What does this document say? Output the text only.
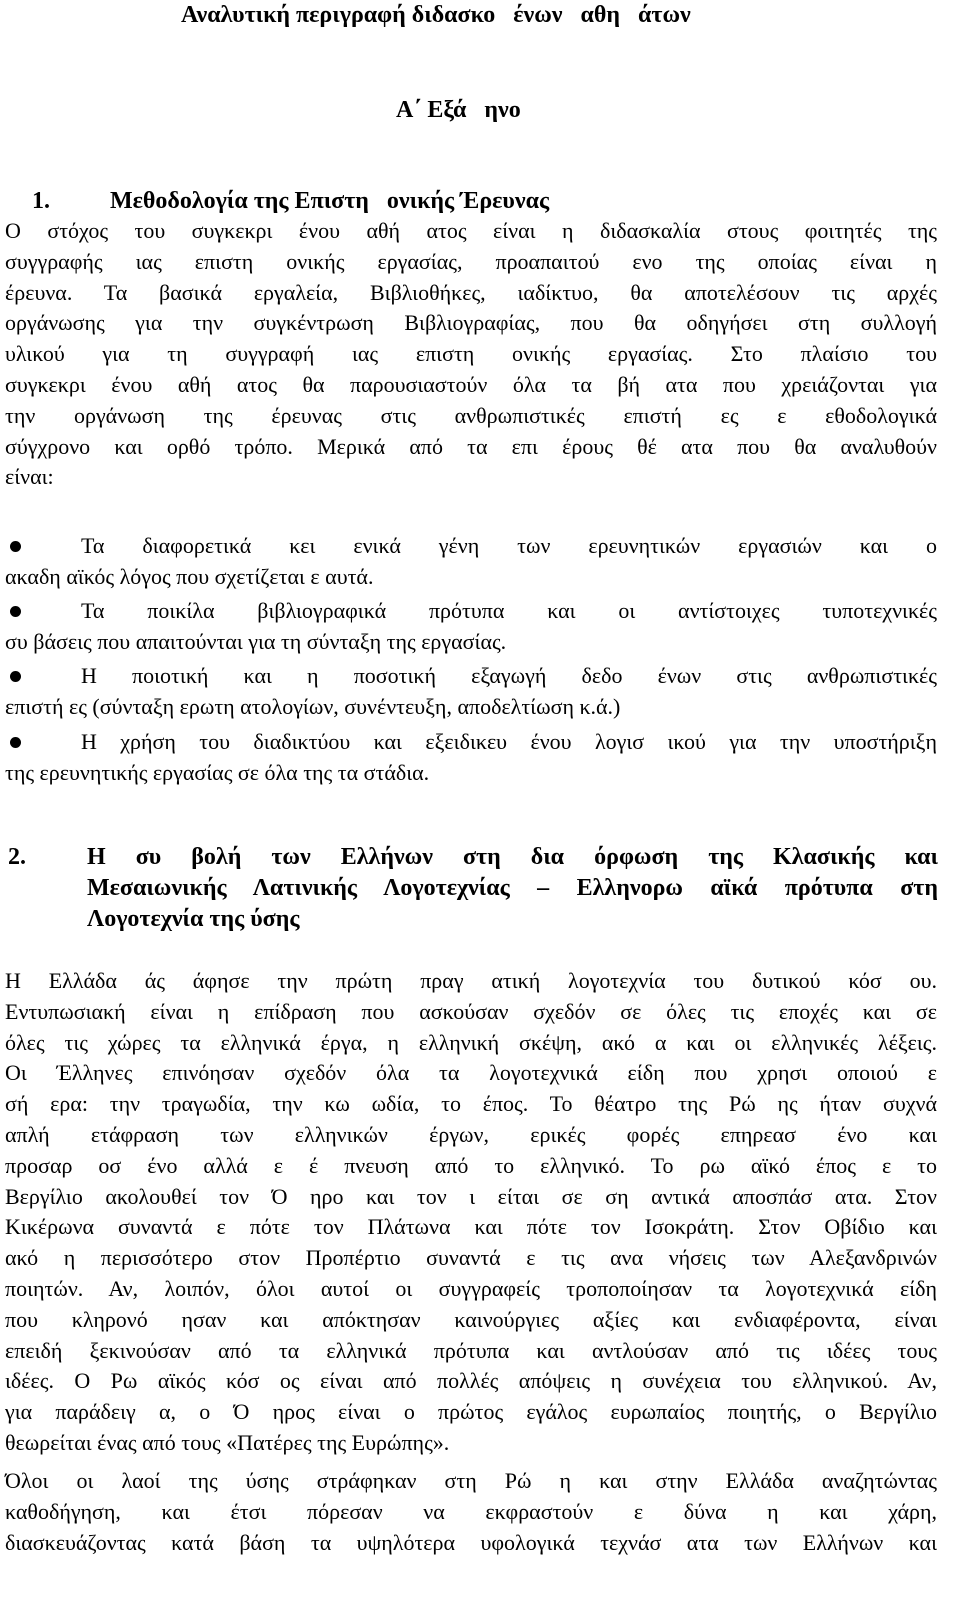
Αναλυτική περιγραφή διδασκο   ένων   αθη   άτων
Α΄ Εξά   ηνο

1.	Μεθοδολογία της Επιστη   ονικής Έρευνας

Ο στόχος του συγκεκρι ένου αθή ατος είναι η διδασκαλία στους φοιτητές της
συγγραφής ιας επιστη ονικής εργασίας, προαπαιτού ενο της οποίας είναι η
έρευνα. Τα βασικά εργαλεία, Βιβλιοθήκες, ιαδίκτυο, θα αποτελέσουν τις αρχές
οργάνωσης για την συγκέντρωση Βιβλιογραφίας, που θα οδηγήσει στη συλλογή
υλικού για τη συγγραφή ιας επιστη ονικής εργασίας. Στο πλαίσιο του
συγκεκρι ένου αθή ατος θα παρουσιαστούν όλα τα βή ατα που χρειάζονται για
την οργάνωση της έρευνας στις ανθρωπιστικές επιστή ες ε εθοδολογικά
σύγχρονο και ορθό τρόπο. Μερικά από τα επι έρους θέ ατα που θα αναλυθούν
είναι:
Τα διαφορετικά κει ενικά γένη των ερευνητικών εργασιών και ο
ακαδη αϊκός λόγος που σχετίζεται ε αυτά.
Τα ποικίλα βιβλιογραφικά πρότυπα και οι αντίστοιχες τυποτεχνικές
συ βάσεις που απαιτούνται για τη σύνταξη της εργασίας.
Η ποιοτική και η ποσοτική εξαγωγή δεδο ένων στις ανθρωπιστικές
επιστή ες (σύνταξη ερωτη ατολογίων, συνέντευξη, αποδελτίωση κ.ά.)
Η χρήση του διαδικτύου και εξειδικευ ένου λογισ ικού για την υποστήριξη
της ερευνητικής εργασίας σε όλα της τα στάδια.
2.	Η συ βολή των Ελλήνων στη δια όρφωση της Κλασικής και
Μεσαιωνικής Λατινικής Λογοτεχνίας – Ελληνορω αϊκά πρότυπα στη
Λογοτεχνία της ύσης
Η Ελλάδα άς άφησε την πρώτη πραγ ατική λογοτεχνία του δυτικού κόσ ου.
Εντυπωσιακή είναι η επίδραση που ασκούσαν σχεδόν σε όλες τις εποχές και σε
όλες τις χώρες τα ελληνικά έργα, η ελληνική σκέψη, ακό α και οι ελληνικές λέξεις.
Οι Έλληνες επινόησαν σχεδόν όλα τα λογοτεχνικά είδη που χρησι οποιού ε
σή ερα: την τραγωδία, την κω ωδία, το έπος. Το θέατρο της Ρώ ης ήταν συχνά
απλή ετάφραση των ελληνικών έργων, ερικές φορές επηρεασ ένο και
προσαρ οσ ένο αλλά ε έ πνευση από το ελληνικό. Το ρω αϊκό έπος ε το
Βεργίλιο ακολουθεί τον Ό ηρο και τον ι είται σε ση αντικά αποσπάσ ατα. Στον
Κικέρωνα συναντά ε πότε τον Πλάτωνα και πότε τον Ισοκράτη. Στον Οβίδιο και
ακό η περισσότερο στον Προπέρτιο συναντά ε τις ανα νήσεις των Αλεξανδρινών
ποιητών. Αν, λοιπόν, όλοι αυτοί οι συγγραφείς τροποποίησαν τα λογοτεχνικά είδη
που κληρονό ησαν και απόκτησαν καινούργιες αξίες και ενδιαφέροντα, είναι
επειδή ξεκινούσαν από τα ελληνικά πρότυπα και αντλούσαν από τις ιδέες τους
ιδέες. Ο Ρω αϊκός κόσ ος είναι από πολλές απόψεις η συνέχεια του ελληνικού. Αν,
για παράδειγ α, ο Ό ηρος είναι ο πρώτος εγάλος ευρωπαίος ποιητής, ο Βεργίλιο
θεωρείται ένας από τους «Πατέρες της Ευρώπης».
Όλοι οι λαοί της ύσης στράφηκαν στη Ρώ η και στην Ελλάδα αναζητώντας
καθοδήγηση, και έτσι πόρεσαν να εκφραστούν ε δύνα η και χάρη,
διασκευάζοντας κατά βάση τα υψηλότερα υφολογικά τεχνάσ ατα των Ελλήνων και
